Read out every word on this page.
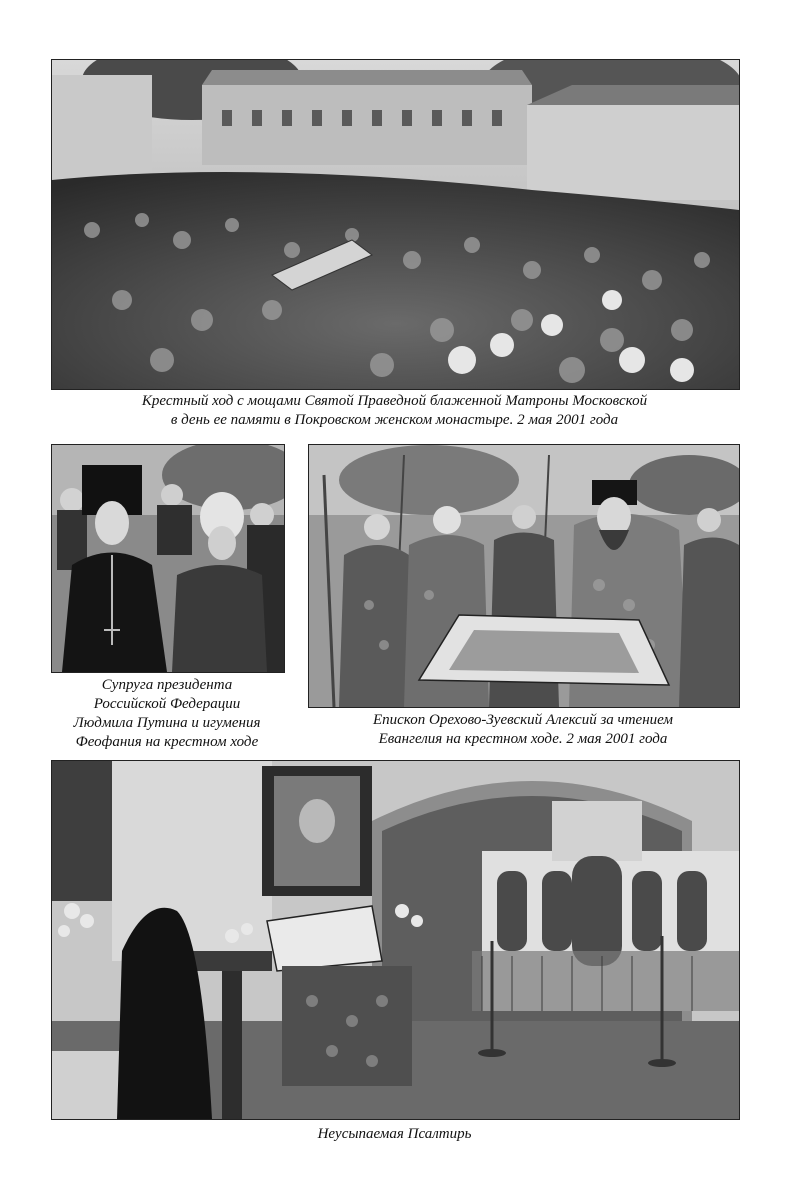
Крестный ход с мощами Святой Праведной блаженной Матроны Московской
в день ее памяти в Покровском женском монастыре. 2 мая 2001 года
Супруга президента
Российской Федерации
Людмила Путина и игумения
Феофания на крестном ходе
Епископ Орехово-Зуевский Алексий за чтением
Евангелия на крестном ходе. 2 мая 2001 года
Неусыпаемая Псалтирь
